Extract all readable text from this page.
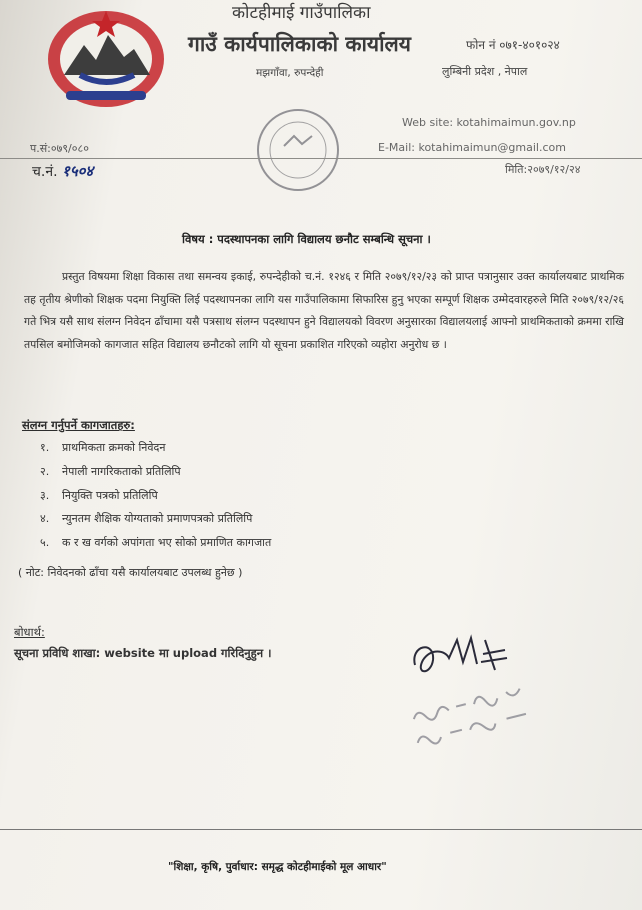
कोटहीमाई गाउँपालिका
गाउँ कार्यपालिकाको कार्यालय
मझगाँवा, रुपन्देही
फोन नं ०७१-४०१०२४
लुम्बिनी प्रदेश , नेपाल
Web site: kotahimaimun.gov.np
E-Mail: kotahimaimun@gmail.com
प.सं:०७९/०८०
च.नं. १५०४	मिति:२०७९/१२/२४
विषय : पदस्थापनका लागि विद्यालय छनौट सम्बन्धि सूचना ।
प्रस्तुत विषयमा शिक्षा विकास तथा समन्वय इकाई, रुपन्देहीको च.नं. १२४६ र मिति २०७९/१२/२३ को प्राप्त पत्रानुसार उक्त कार्यालयबाट प्राथमिक तह तृतीय श्रेणीको शिक्षक पदमा नियुक्ति लिई पदस्थापनका लागि यस गाउँपालिकामा सिफारिस हुनु भएका सम्पूर्ण शिक्षक उम्मेदवारहरुले मिति २०७९/१२/२६ गते भित्र यसै साथ संलग्न निवेदन ढाँचामा यसै पत्रसाथ संलग्न पदस्थापन हुने विद्यालयको विवरण अनुसारका विद्यालयलाई आफ्नो प्राथमिकताको क्रममा राखि तपसिल बमोजिमको कागजात सहित विद्यालय छनौटको लागि यो सूचना प्रकाशित गरिएको व्यहोरा अनुरोध छ ।
संलग्न गर्नुपर्ने कागजातहरु:
१. प्राथमिकता क्रमको निवेदन
२. नेपाली नागरिकताको प्रतिलिपि
३. नियुक्ति पत्रको प्रतिलिपि
४. न्युनतम शैक्षिक योग्यताको प्रमाणपत्रको प्रतिलिपि
५. क र ख वर्गको अपांगता भए सोको प्रमाणित कागजात
( नोट: निवेदनको ढाँचा यसै कार्यालयबाट उपलब्ध हुनेछ )
बोधार्थ:
सूचना प्रविधि शाखा: website मा upload गरिदिनुहुन ।
"शिक्षा, कृषि, पुर्वाधार: समृद्ध कोटहीमाईको मूल आधार"
